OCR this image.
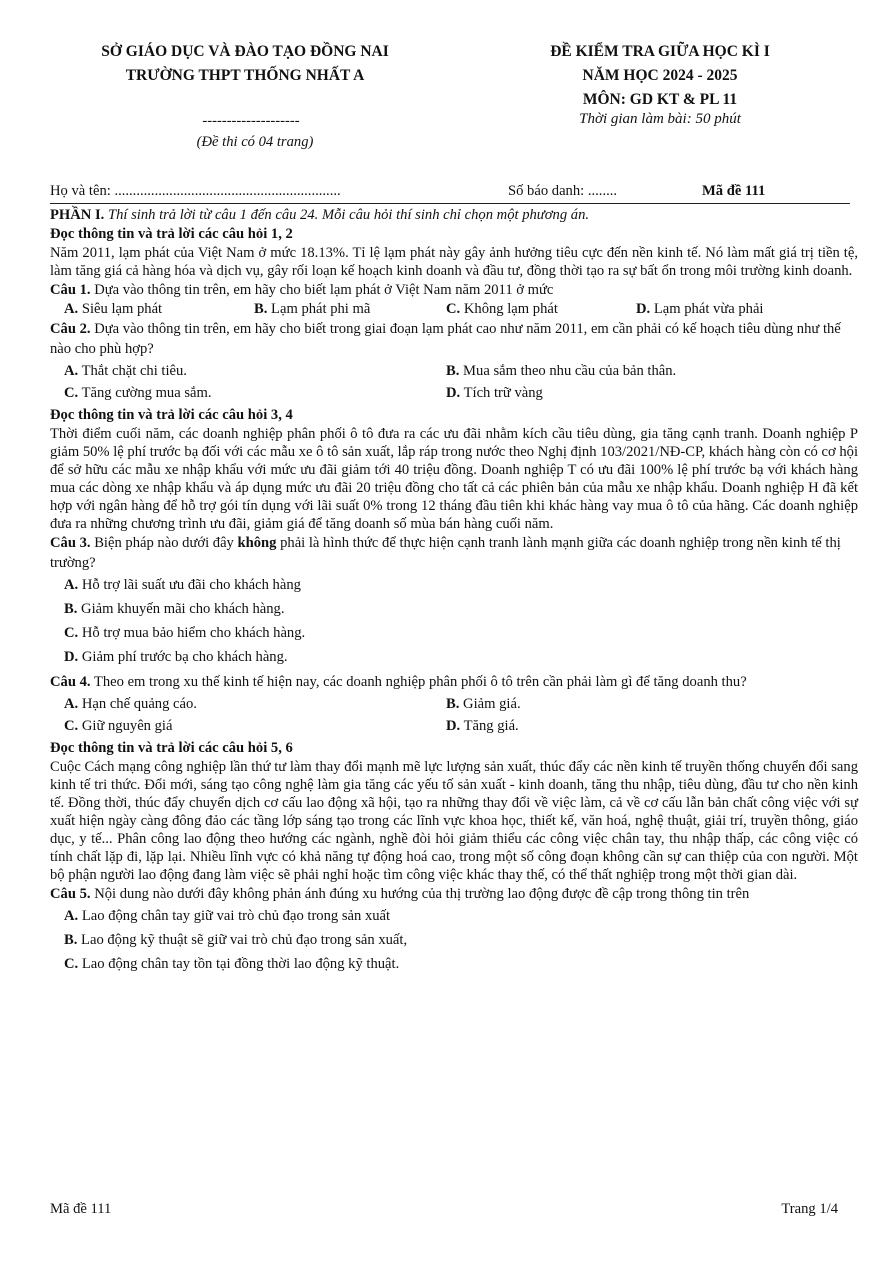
SỞ GIÁO DỤC VÀ ĐÀO TẠO ĐỒNG NAI
TRƯỜNG THPT THỐNG NHẤT A
--------------------
(Đề thi có 04 trang)
ĐỀ KIỂM TRA GIỮA HỌC KÌ I
NĂM HỌC 2024 - 2025
MÔN: GD KT & PL 11
Thời gian làm bài: 50 phút
Họ và tên: ..............................................................	Số báo danh: ........	Mã đề 111

PHẦN I. Thí sinh trả lời từ câu 1 đến câu 24. Mỗi câu hỏi thí sinh chỉ chọn một phương án.

Đọc thông tin và trả lời các câu hỏi 1, 2

Năm 2011, lạm phát của Việt Nam ở mức 18.13%. Tỉ lệ lạm phát này gây ảnh hưởng tiêu cực đến nền kinh tế. Nó làm mất giá trị tiền tệ, làm tăng giá cả hàng hóa và dịch vụ, gây rối loạn kế hoạch kinh doanh và đầu tư, đồng thời tạo ra sự bất ổn trong môi trường kinh doanh.

Câu 1. Dựa vào thông tin trên, em hãy cho biết lạm phát ở Việt Nam năm 2011 ở mức

A. Siêu lạm phát	B. Lạm phát phi mã	C. Không lạm phát	D. Lạm phát vừa phải

Câu 2. Dựa vào thông tin trên, em hãy cho biết trong giai đoạn lạm phát cao như năm 2011, em cần phải có kế hoạch tiêu dùng như thế nào cho phù hợp?

A. Thắt chặt chi tiêu.	B. Mua sắm theo nhu cầu của bản thân.
C. Tăng cường mua sắm.	D. Tích trữ vàng

Đọc thông tin và trả lời các câu hỏi 3, 4

Thời điểm cuối năm, các doanh nghiệp phân phối ô tô đưa ra các ưu đãi nhằm kích cầu tiêu dùng, gia tăng cạnh tranh. Doanh nghiệp P giảm 50% lệ phí trước bạ đối với các mẫu xe ô tô sản xuất, lắp ráp trong nước theo Nghị định 103/2021/NĐ-CP, khách hàng còn có cơ hội để sở hữu các mẫu xe nhập khẩu với mức ưu đãi giảm tới 40 triệu đồng. Doanh nghiệp T có ưu đãi 100% lệ phí trước bạ với khách hàng mua các dòng xe nhập khẩu và áp dụng mức ưu đãi 20 triệu đồng cho tất cả các phiên bản của mẫu xe nhập khẩu. Doanh nghiệp H đã kết hợp với ngân hàng để hỗ trợ gói tín dụng với lãi suất 0% trong 12 tháng đầu tiên khi khác hàng vay mua ô tô của hãng. Các doanh nghiệp đưa ra những chương trình ưu đãi, giảm giá để tăng doanh số mùa bán hàng cuối năm.

Câu 3. Biện pháp nào dưới đây không phải là hình thức để thực hiện cạnh tranh lành mạnh giữa các doanh nghiệp trong nền kinh tế thị trường?

A. Hỗ trợ lãi suất ưu đãi cho khách hàng
B. Giảm khuyến mãi cho khách hàng.
C. Hỗ trợ mua bảo hiểm cho khách hàng.
D. Giảm phí trước bạ cho khách hàng.

Câu 4. Theo em trong xu thế kinh tế hiện nay, các doanh nghiệp phân phối ô tô trên cần phải làm gì để tăng doanh thu?

A. Hạn chế quảng cáo.	B. Giảm giá.
C. Giữ nguyên giá	D. Tăng giá.

Đọc thông tin và trả lời các câu hỏi 5, 6

Cuộc Cách mạng công nghiệp lần thứ tư làm thay đổi mạnh mẽ lực lượng sản xuất, thúc đẩy các nền kinh tế truyền thống chuyển đổi sang kinh tế tri thức. Đổi mới, sáng tạo công nghệ làm gia tăng các yếu tố sản xuất - kinh doanh, tăng thu nhập, tiêu dùng, đầu tư cho nền kinh tế. Đồng thời, thúc đẩy chuyển dịch cơ cấu lao động xã hội, tạo ra những thay đổi về việc làm, cả về cơ cấu lẫn bản chất công việc với sự xuất hiện ngày càng đông đảo các tầng lớp sáng tạo trong các lĩnh vực khoa học, thiết kế, văn hoá, nghệ thuật, giải trí, truyền thông, giáo dục, y tế... Phân công lao động theo hướng các ngành, nghề đòi hỏi giảm thiểu các công việc chân tay, thu nhập thấp, các công việc có tính chất lặp đi, lặp lại. Nhiều lĩnh vực có khả năng tự động hoá cao, trong một số công đoạn không cần sự can thiệp của con người. Một bộ phận người lao động đang làm việc sẽ phải nghỉ hoặc tìm công việc khác thay thế, có thể thất nghiệp trong một thời gian dài.

Câu 5. Nội dung nào dưới đây không phản ánh đúng xu hướng của thị trường lao động được đề cập trong thông tin trên

A. Lao động chân tay giữ vai trò chủ đạo trong sản xuất
B. Lao động kỹ thuật sẽ giữ vai trò chủ đạo trong sản xuất,
C. Lao động chân tay tồn tại đồng thời lao động kỹ thuật.
Mã đề 111	Trang 1/4
